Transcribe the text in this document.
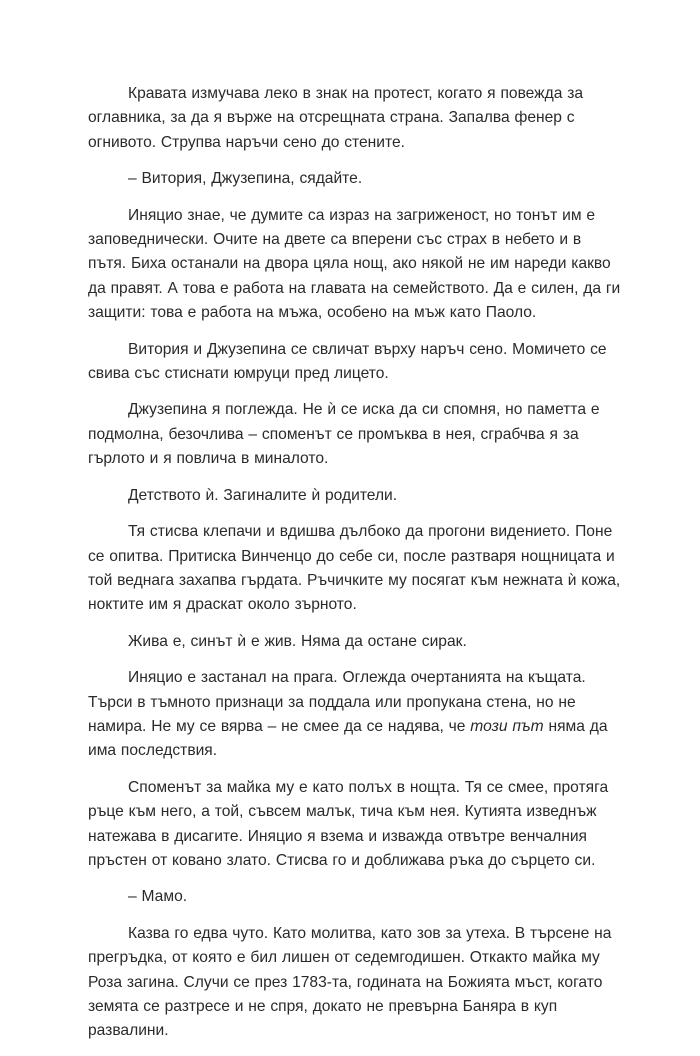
Кравата измучава леко в знак на протест, когато я повежда за оглавника, за да я върже на отсрещната страна. Запалва фенер с огнивото. Струпва наръчи сено до стените.

– Витория, Джузепина, сядайте.

Иняцио знае, че думите са израз на загриженост, но тонът им е заповеднически. Очите на двете са вперени със страх в небето и в пътя. Биха останали на двора цяла нощ, ако някой не им нареди какво да правят. А това е работа на главата на семейството. Да е силен, да ги защити: това е работа на мъжа, особено на мъж като Паоло.

Витория и Джузепина се свличат върху наръч сено. Момичето се свива със стиснати юмруци пред лицето.

Джузепина я поглежда. Не ѝ се иска да си спомня, но паметта е подмолна, безочлива – споменът се промъква в нея, сграбчва я за гърлото и я повлича в миналото.

Детството ѝ. Загиналите ѝ родители.

Тя стисва клепачи и вдишва дълбоко да прогони видението. Поне се опитва. Притиска Винченцо до себе си, после разтваря нощницата и той веднага захапва гърдата. Ръчичките му посягат към нежната ѝ кожа, ноктите им я драскат около зърното.

Жива е, синът ѝ е жив. Няма да остане сирак.

Иняцио е застанал на прага. Оглежда очертанията на къщата. Търси в тъмното признаци за поддала или пропукана стена, но не намира. Не му се вярва – не смее да се надява, че този път няма да има последствия.

Споменът за майка му е като полъх в нощта. Тя се смее, протяга ръце към него, а той, съвсем малък, тича към нея. Кутията изведнъж натежава в дисагите. Иняцио я взема и изважда отвътре венчалния пръстен от ковано злато. Стисва го и доближава ръка до сърцето си.

– Мамо.

Казва го едва чуто. Като молитва, като зов за утеха. В търсене на прегръдка, от която е бил лишен от седемгодишен. Откакто майка му Роза загина. Случи се през 1783-та, годината на Божията мъст, когато земята се разтресе и не спря, докато не превърна Баняра в куп развалини.
